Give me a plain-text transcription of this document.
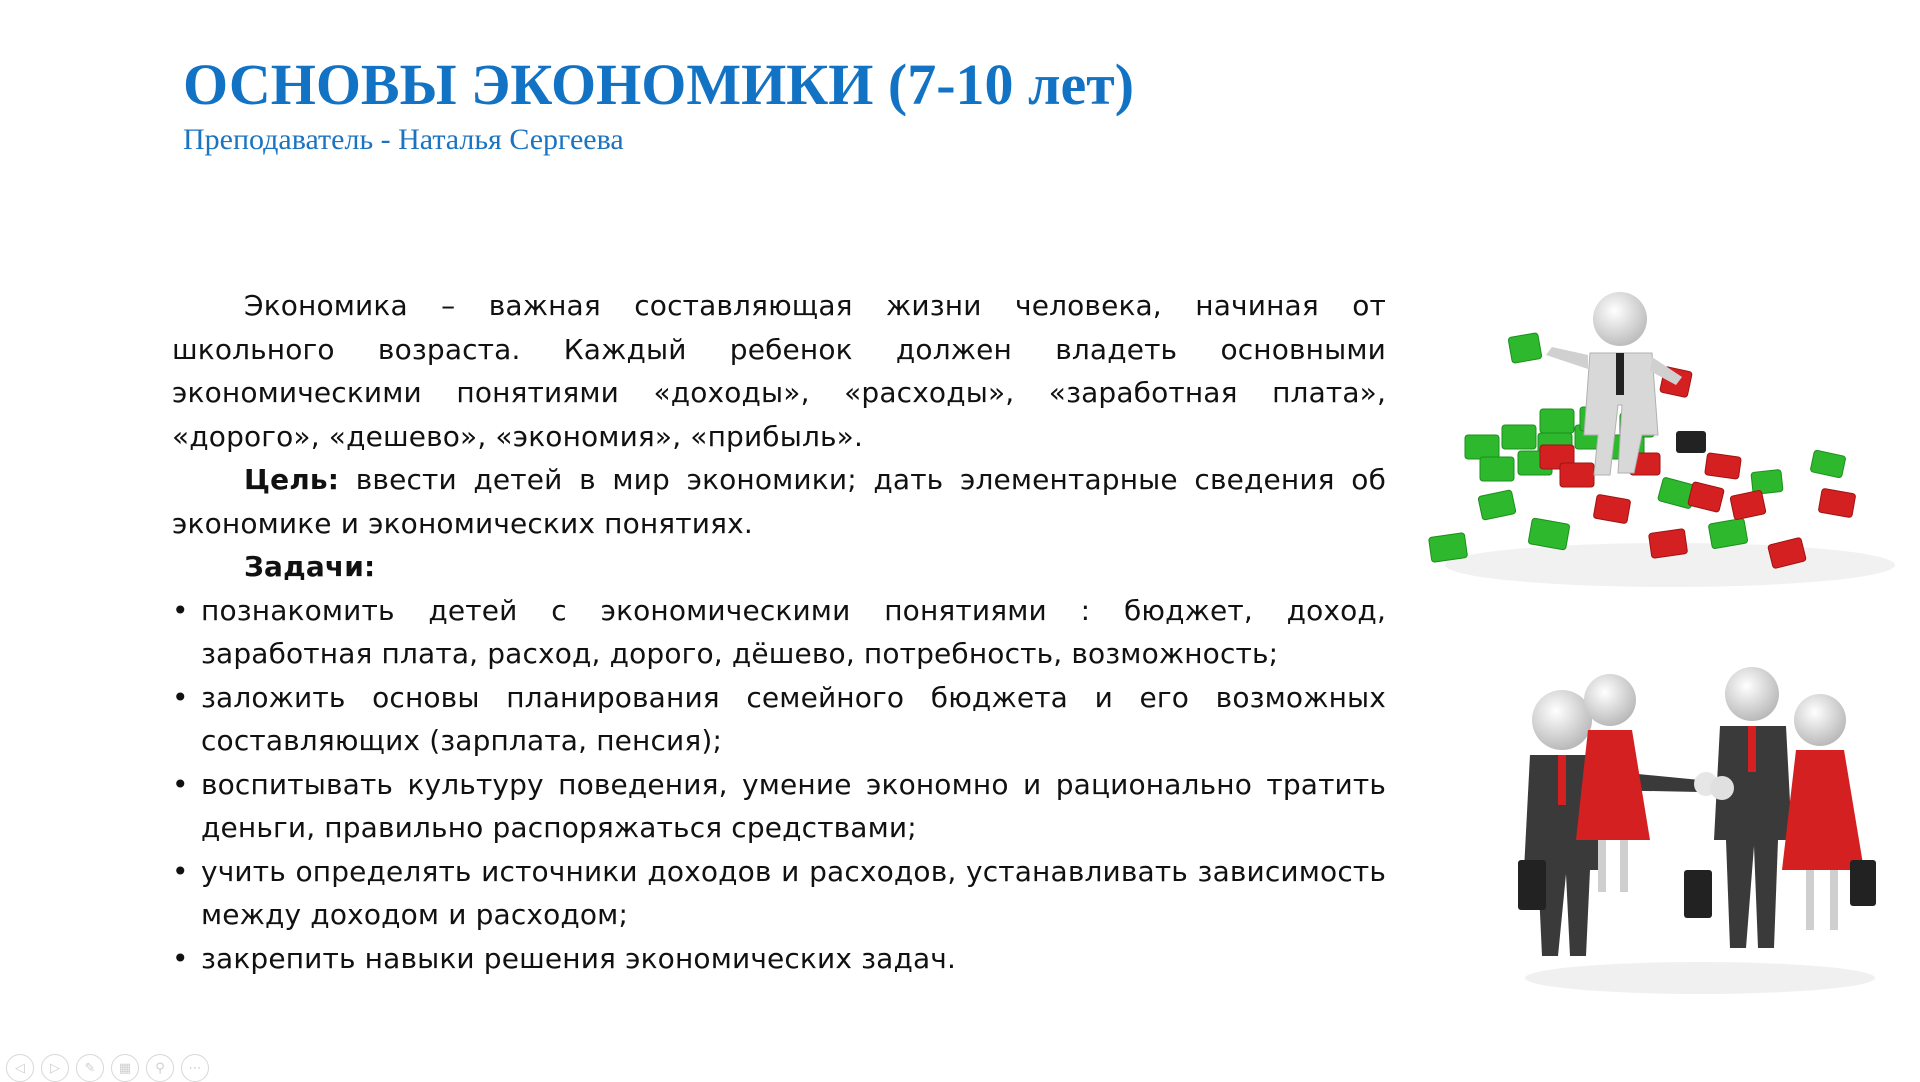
ОСНОВЫ ЭКОНОМИКИ (7-10 лет)
Преподаватель - Наталья Сергеева

Экономика – важная составляющая жизни человека, начиная от школьного возраста. Каждый ребенок должен владеть основными экономическими понятиями «доходы», «расходы», «заработная плата», «дорого», «дешево», «экономия», «прибыль».

Цель: ввести детей в мир экономики; дать элементарные сведения об экономике и экономических понятиях.

Задачи:

• познакомить детей с экономическими понятиями : бюджет, доход, заработная плата, расход, дорого, дёшево, потребность, возможность;
• заложить основы планирования семейного бюджета и его возможных составляющих (зарплата, пенсия);
• воспитывать культуру поведения, умение экономно и рационально тратить деньги, правильно распоряжаться средствами;
• учить определять источники доходов и расходов, устанавливать зависимость между доходом и расходом;
• закрепить навыки решения экономических задач.
◁	▷	✎	▦	⚲	⋯
